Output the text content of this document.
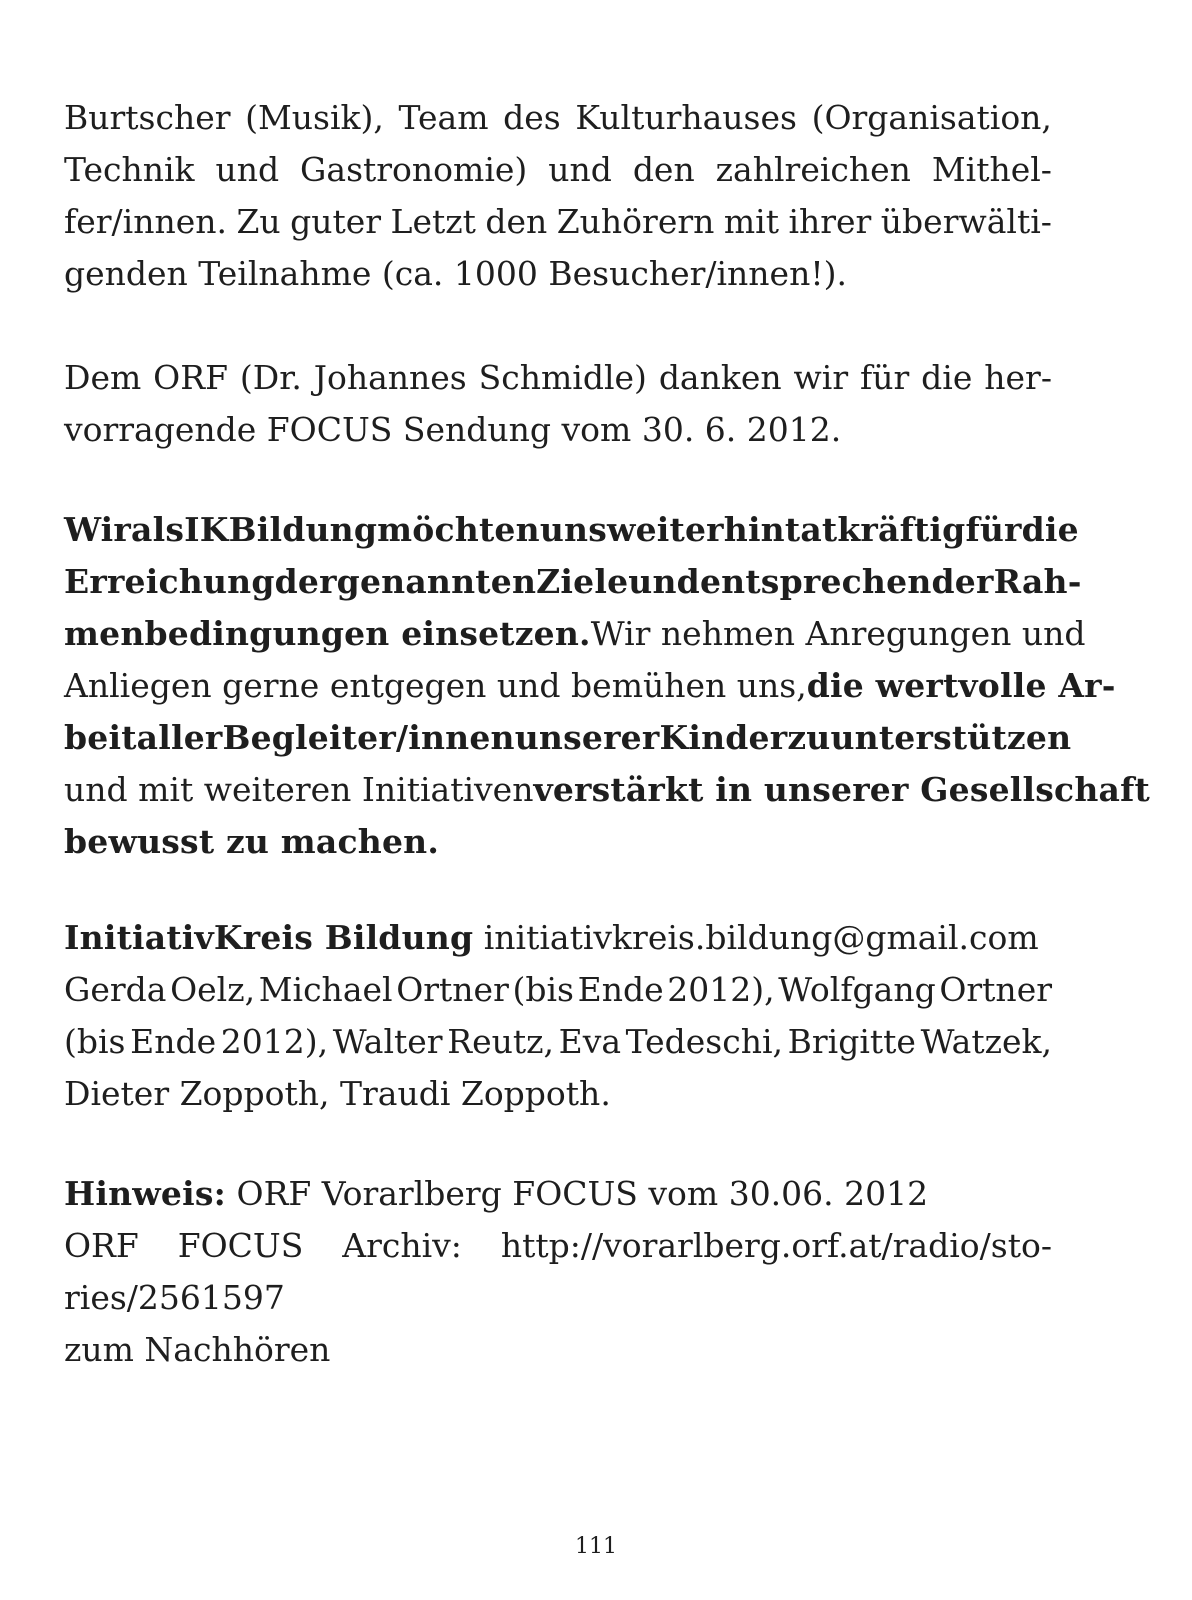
Burtscher (Musik), Team des Kulturhauses (Organisation,
Technik und Gastronomie) und den zahlreichen Mithel-
fer/innen. Zu guter Letzt den Zuhörern mit ihrer überwälti-
genden Teilnahme (ca. 1000 Besucher/innen!).
Dem ORF (Dr. Johannes Schmidle) danken wir für die her-
vorragende FOCUS Sendung vom 30. 6. 2012.
Wir als IK Bildung möchten uns weiterhin tatkräftig für die
Erreichung der genannten Ziele und entsprechender Rah-
menbedingungen einsetzen. Wir nehmen Anregungen und
Anliegen gerne entgegen und bemühen uns, die wertvolle Ar-
beit aller Begleiter/innen unserer Kinder zu unterstützen
und mit weiteren Initiativen verstärkt in unserer Gesellschaft
bewusst zu machen.
InitiativKreis Bildung initiativkreis.bildung@gmail.com
Gerda Oelz, Michael Ortner (bis Ende 2012), Wolfgang Ortner
(bis Ende 2012), Walter Reutz, Eva Tedeschi, Brigitte Watzek,
Dieter Zoppoth, Traudi Zoppoth.
Hinweis: ORF Vorarlberg FOCUS vom 30.06. 2012
ORF FOCUS Archiv: http://vorarlberg.orf.at/radio/sto-
ries/2561597
zum Nachhören
111
